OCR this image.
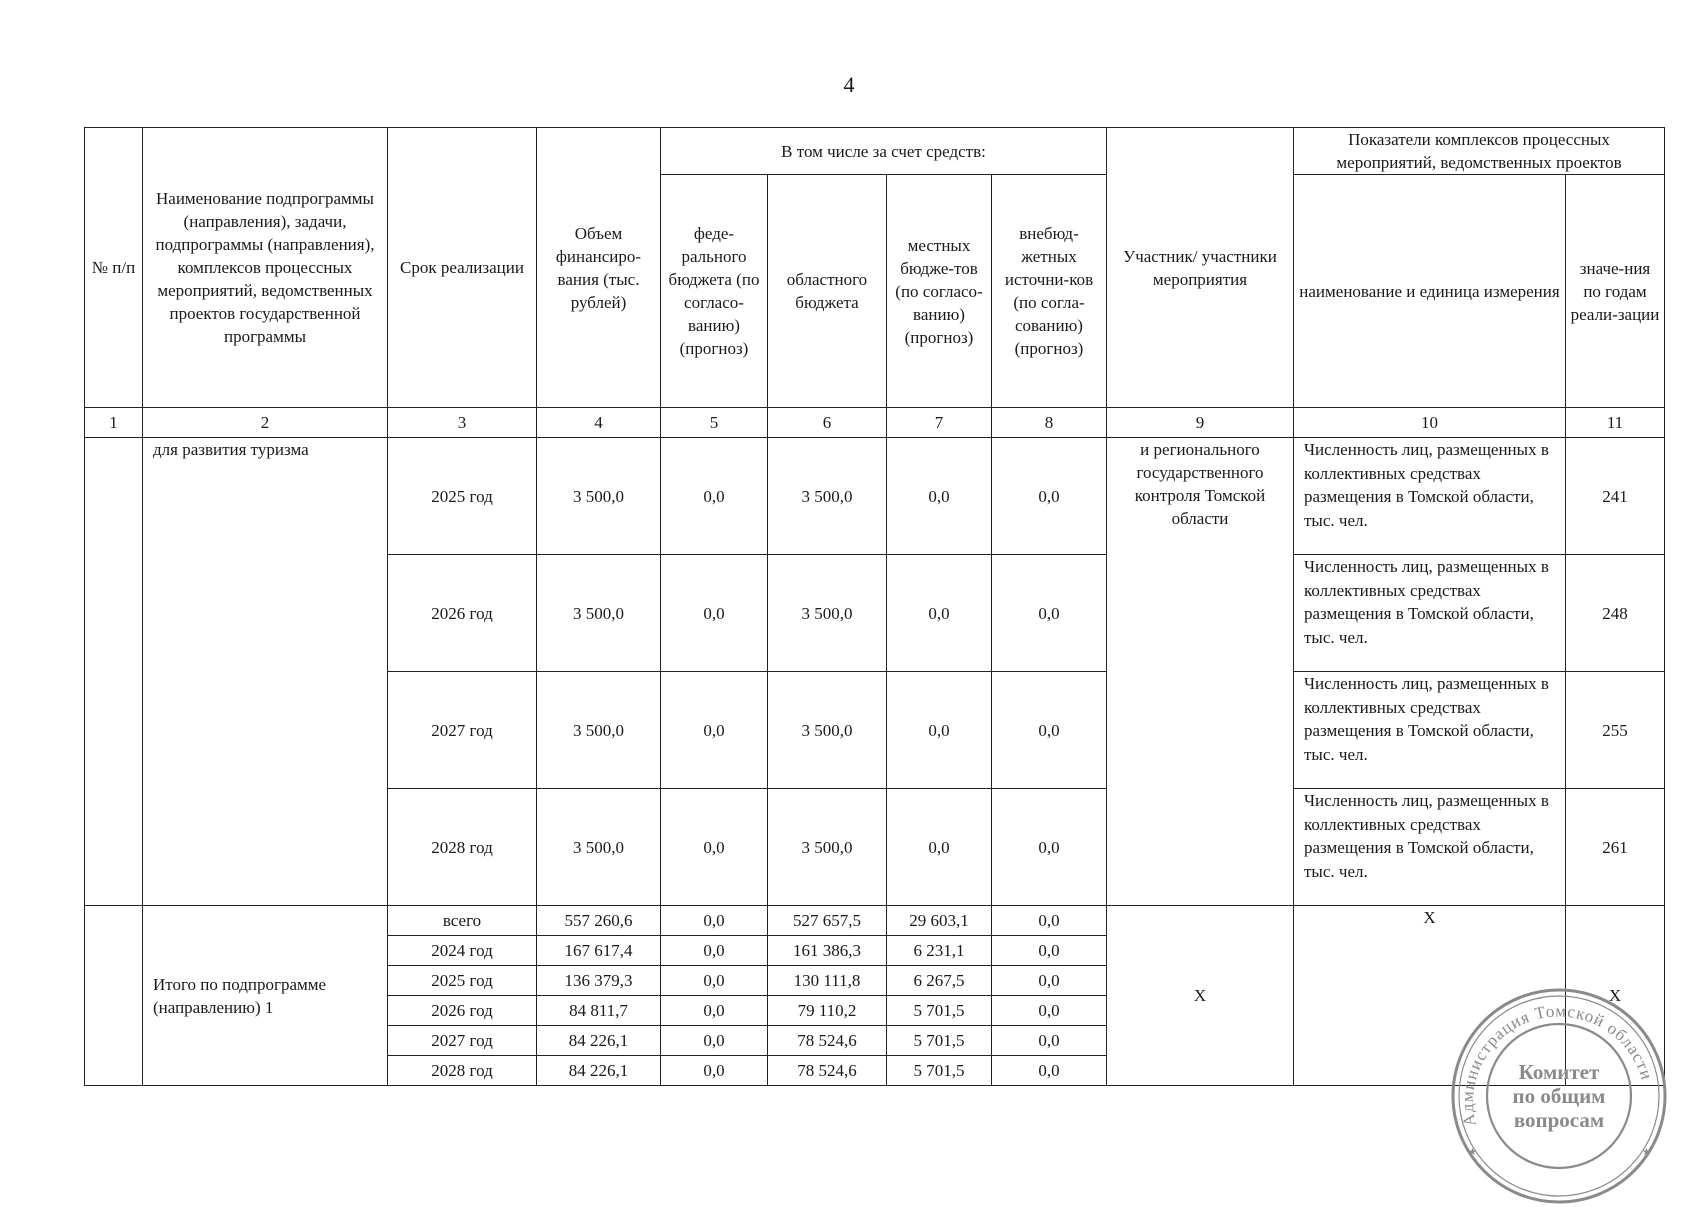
4
№ п/п	Наименование подпрограммы (направления), задачи, подпрограммы (направления), комплексов процессных мероприятий, ведомственных проектов государственной программы	Срок реализации	Объем финансиро-вания (тыс. рублей)	В том числе за счет средств:				Участник/ участники мероприятия	Показатели комплексов процессных мероприятий, ведомственных проектов	
				феде-рального бюджета (по согласо-ванию) (прогноз)	областного бюджета	местных бюдже-тов (по согласо-ванию) (прогноз)	внебюд-жетных источни-ков (по согла-сованию) (прогноз)		наименование и единица измерения	значе-ния по годам реали-зации
1	2	3	4	5	6	7	8	9	10	11
	для развития туризма	2025 год	3 500,0	0,0	3 500,0	0,0	0,0	и регионального государственного контроля Томской области	Численность лиц, размещенных в коллективных средствах размещения в Томской области, тыс. чел.	241
		2026 год	3 500,0	0,0	3 500,0	0,0	0,0		Численность лиц, размещенных в коллективных средствах размещения в Томской области, тыс. чел.	248
		2027 год	3 500,0	0,0	3 500,0	0,0	0,0		Численность лиц, размещенных в коллективных средствах размещения в Томской области, тыс. чел.	255
		2028 год	3 500,0	0,0	3 500,0	0,0	0,0		Численность лиц, размещенных в коллективных средствах размещения в Томской области, тыс. чел.	261
	Итого по подпрограмме (направлению) 1	всего	557 260,6	0,0	527 657,5	29 603,1	0,0	X	X	X
		2024 год	167 617,4	0,0	161 386,3	6 231,1	0,0			
		2025 год	136 379,3	0,0	130 111,8	6 267,5	0,0			
		2026 год	84 811,7	0,0	79 110,2	5 701,5	0,0			
		2027 год	84 226,1	0,0	78 524,6	5 701,5	0,0			
		2028 год	84 226,1	0,0	78 524,6	5 701,5	0,0			
Администрация Томской области
★	★
Комитет
по общим
вопросам
